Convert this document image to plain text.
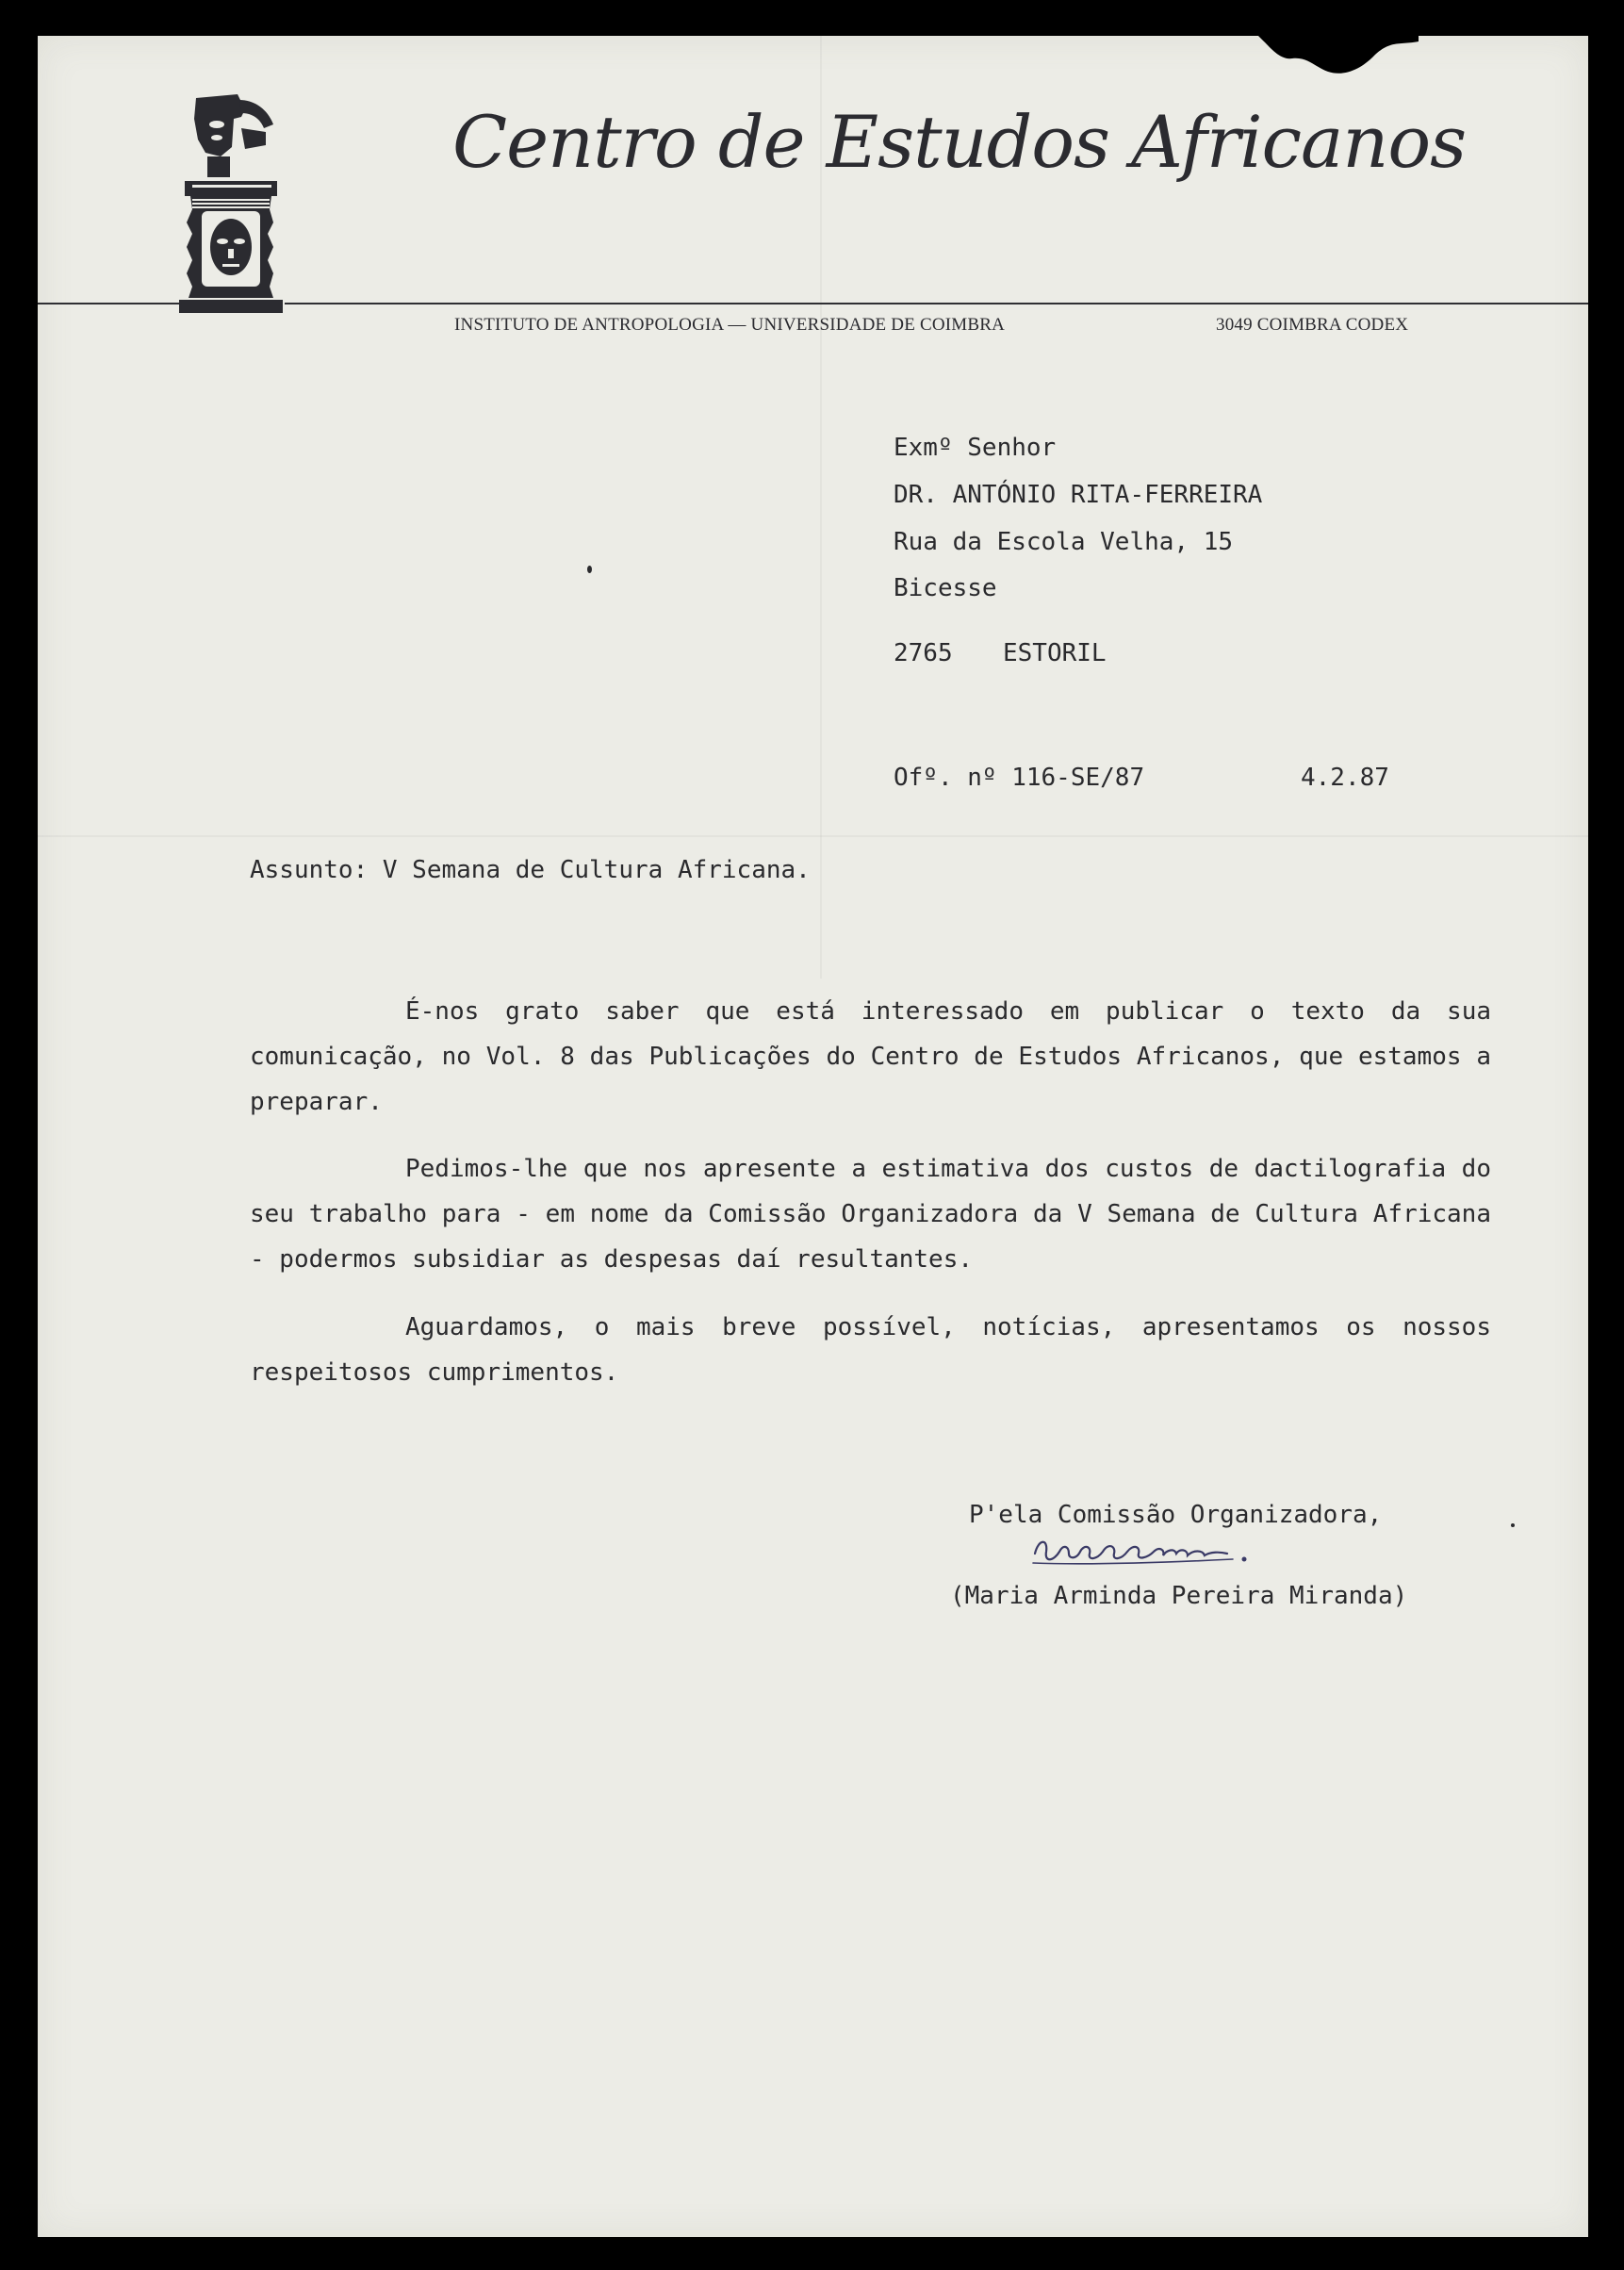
Centro de Estudos Africanos
INSTITUTO DE ANTROPOLOGIA — UNIVERSIDADE DE COIMBRA	3049 COIMBRA CODEX
Exmº Senhor
DR. ANTÓNIO RITA-FERREIRA
Rua da Escola Velha, 15
Bicesse
2765 ESTORIL
Ofº. nº 116-SE/87	4.2.87
Assunto: V Semana de Cultura Africana.

É-nos grato saber que está interessado em publicar o texto da sua comunicação, no Vol. 8 das Publicações do Centro de Estudos Africanos, que estamos a preparar.

Pedimos-lhe que nos apresente a estimativa dos custos de dactilografia do seu trabalho para - em nome da Comissão Organizadora da V Semana de Cultura Africana - podermos subsidiar as despesas daí resultantes.

Aguardamos, o mais breve possível, notícias, apresentamos os nossos respeitosos cumprimentos.

P'ela Comissão Organizadora,
(Maria Arminda Pereira Miranda)
